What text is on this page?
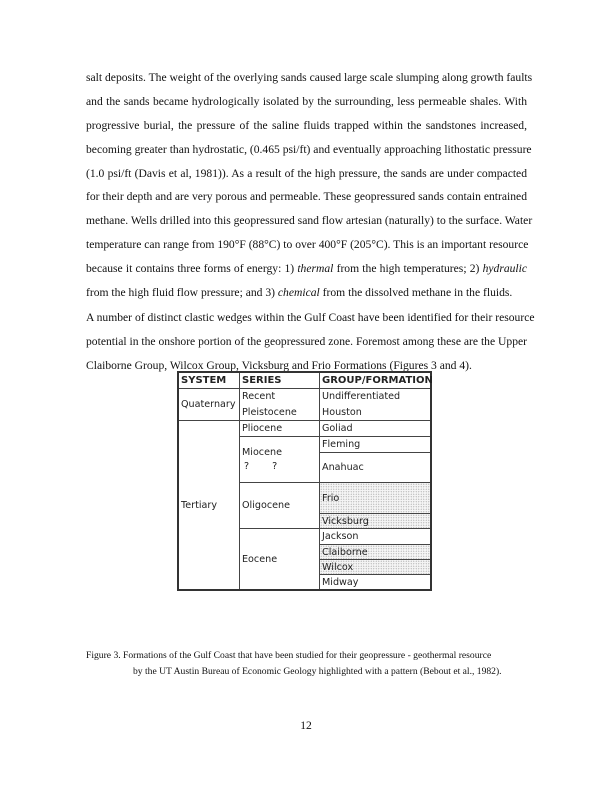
salt deposits. The weight of the overlying sands caused large scale slumping along growth faults
and the sands became hydrologically isolated by the surrounding, less permeable shales. With
progressive burial, the pressure of the saline fluids trapped within the sandstones increased,
becoming greater than hydrostatic, (0.465 psi/ft) and eventually approaching lithostatic pressure
(1.0 psi/ft (Davis et al, 1981)). As a result of the high pressure, the sands are under compacted
for their depth and are very porous and permeable. These geopressured sands contain entrained
methane. Wells drilled into this geopressured sand flow artesian (naturally) to the surface. Water
temperature can range from 190°F (88°C) to over 400°F (205°C). This is an important resource
because it contains three forms of energy: 1) thermal from the high temperatures; 2) hydraulic
from the high fluid flow pressure; and 3) chemical from the dissolved methane in the fluids.
A number of distinct clastic wedges within the Gulf Coast have been identified for their resource
potential in the onshore portion of the geopressured zone. Foremost among these are the Upper
Claiborne Group, Wilcox Group, Vicksburg and Frio Formations (Figures 3 and 4).
SYSTEM	SERIES	GROUP/FORMATION
Quaternary
Tertiary
Recent
Pleistocene
Pliocene
Miocene
? ?
Oligocene
Eocene
Undifferentiated
Houston
Goliad
Fleming
Anahuac
Frio
Vicksburg
Jackson
Claiborne
Wilcox
Midway
Figure 3. Formations of the Gulf Coast that have been studied for their geopressure - geothermal resource
by the UT Austin Bureau of Economic Geology highlighted with a pattern (Bebout et al., 1982).
12
